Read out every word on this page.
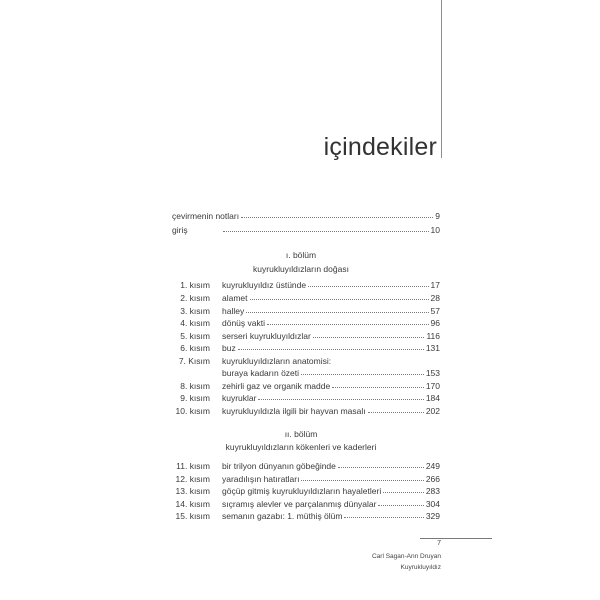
içindekiler
çevirmenin notları	9
giriş	10
ı. bölüm
kuyrukluyıldızların doğası
1. kısım kuyrukluyıldız üstünde	17
2. kısım alamet	28
3. kısım halley	57
4. kısım dönüş vakti	96
5. kısım serseri kuyrukluyıldızlar	116
6. kısım buz	131
7. Kısım kuyrukluyıldızların anatomisi:
buraya kadarın özeti	153
8. kısım zehirli gaz ve organik madde	170
9. kısım kuyruklar	184
10. kısım kuyrukluyıldızla ilgili bir hayvan masalı	202
ıı. bölüm
kuyrukluyıldızların kökenleri ve kaderleri
11. kısım bir trilyon dünyanın göbeğinde	249
12. kısım yaradılışın hatıratları	266
13. kısım göçüp gitmiş kuyrukluyıldızların hayaletleri	283
14. kısım sıçramış alevler ve parçalanmış dünyalar	304
15. kısım semanın gazabı: 1. müthiş ölüm	329
7
Carl Sagan-Ann Druyan
Kuyrukluyıldız
